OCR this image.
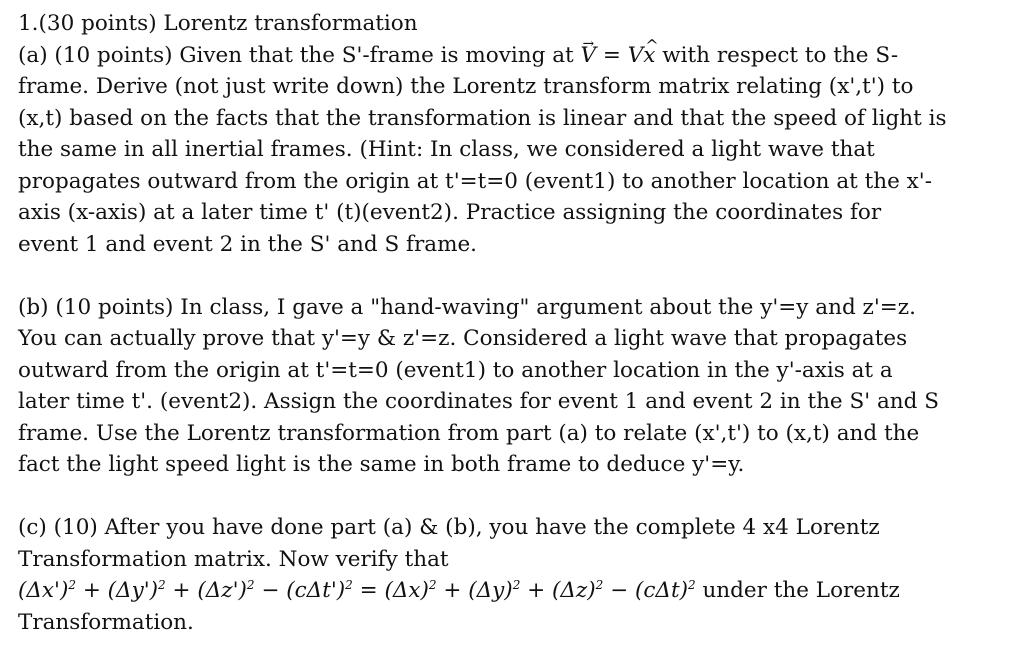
1.(30 points) Lorentz transformation
(a) (10 points) Given that the S'-frame is moving at → V = V^ x with respect to the S-
frame. Derive (not just write down) the Lorentz transform matrix relating (x',t') to
(x,t) based on the facts that the transformation is linear and that the speed of light is
the same in all inertial frames. (Hint: In class, we considered a light wave that
propagates outward from the origin at t'=t=0 (event1) to another location at the x'-
axis (x-axis) at a later time t' (t)(event2). Practice assigning the coordinates for
event 1 and event 2 in the S' and S frame.
(b) (10 points) In class, I gave a "hand-waving" argument about the y'=y and z'=z.
You can actually prove that y'=y & z'=z. Considered a light wave that propagates
outward from the origin at t'=t=0 (event1) to another location in the y'-axis at a
later time t'. (event2). Assign the coordinates for event 1 and event 2 in the S' and S
frame. Use the Lorentz transformation from part (a) to relate (x',t') to (x,t) and the
fact the light speed light is the same in both frame to deduce y'=y.
(c) (10) After you have done part (a) & (b), you have the complete 4 x4 Lorentz
Transformation matrix. Now verify that
$(\Delta x')^2 + (\Delta y')^2 + (\Delta z')^2 - (c\Delta t')^2 = (\Delta x)^2 + (\Delta y)^2 + (\Delta z)^2 - (c\Delta t)^2$ under the Lorentz
Transformation.
